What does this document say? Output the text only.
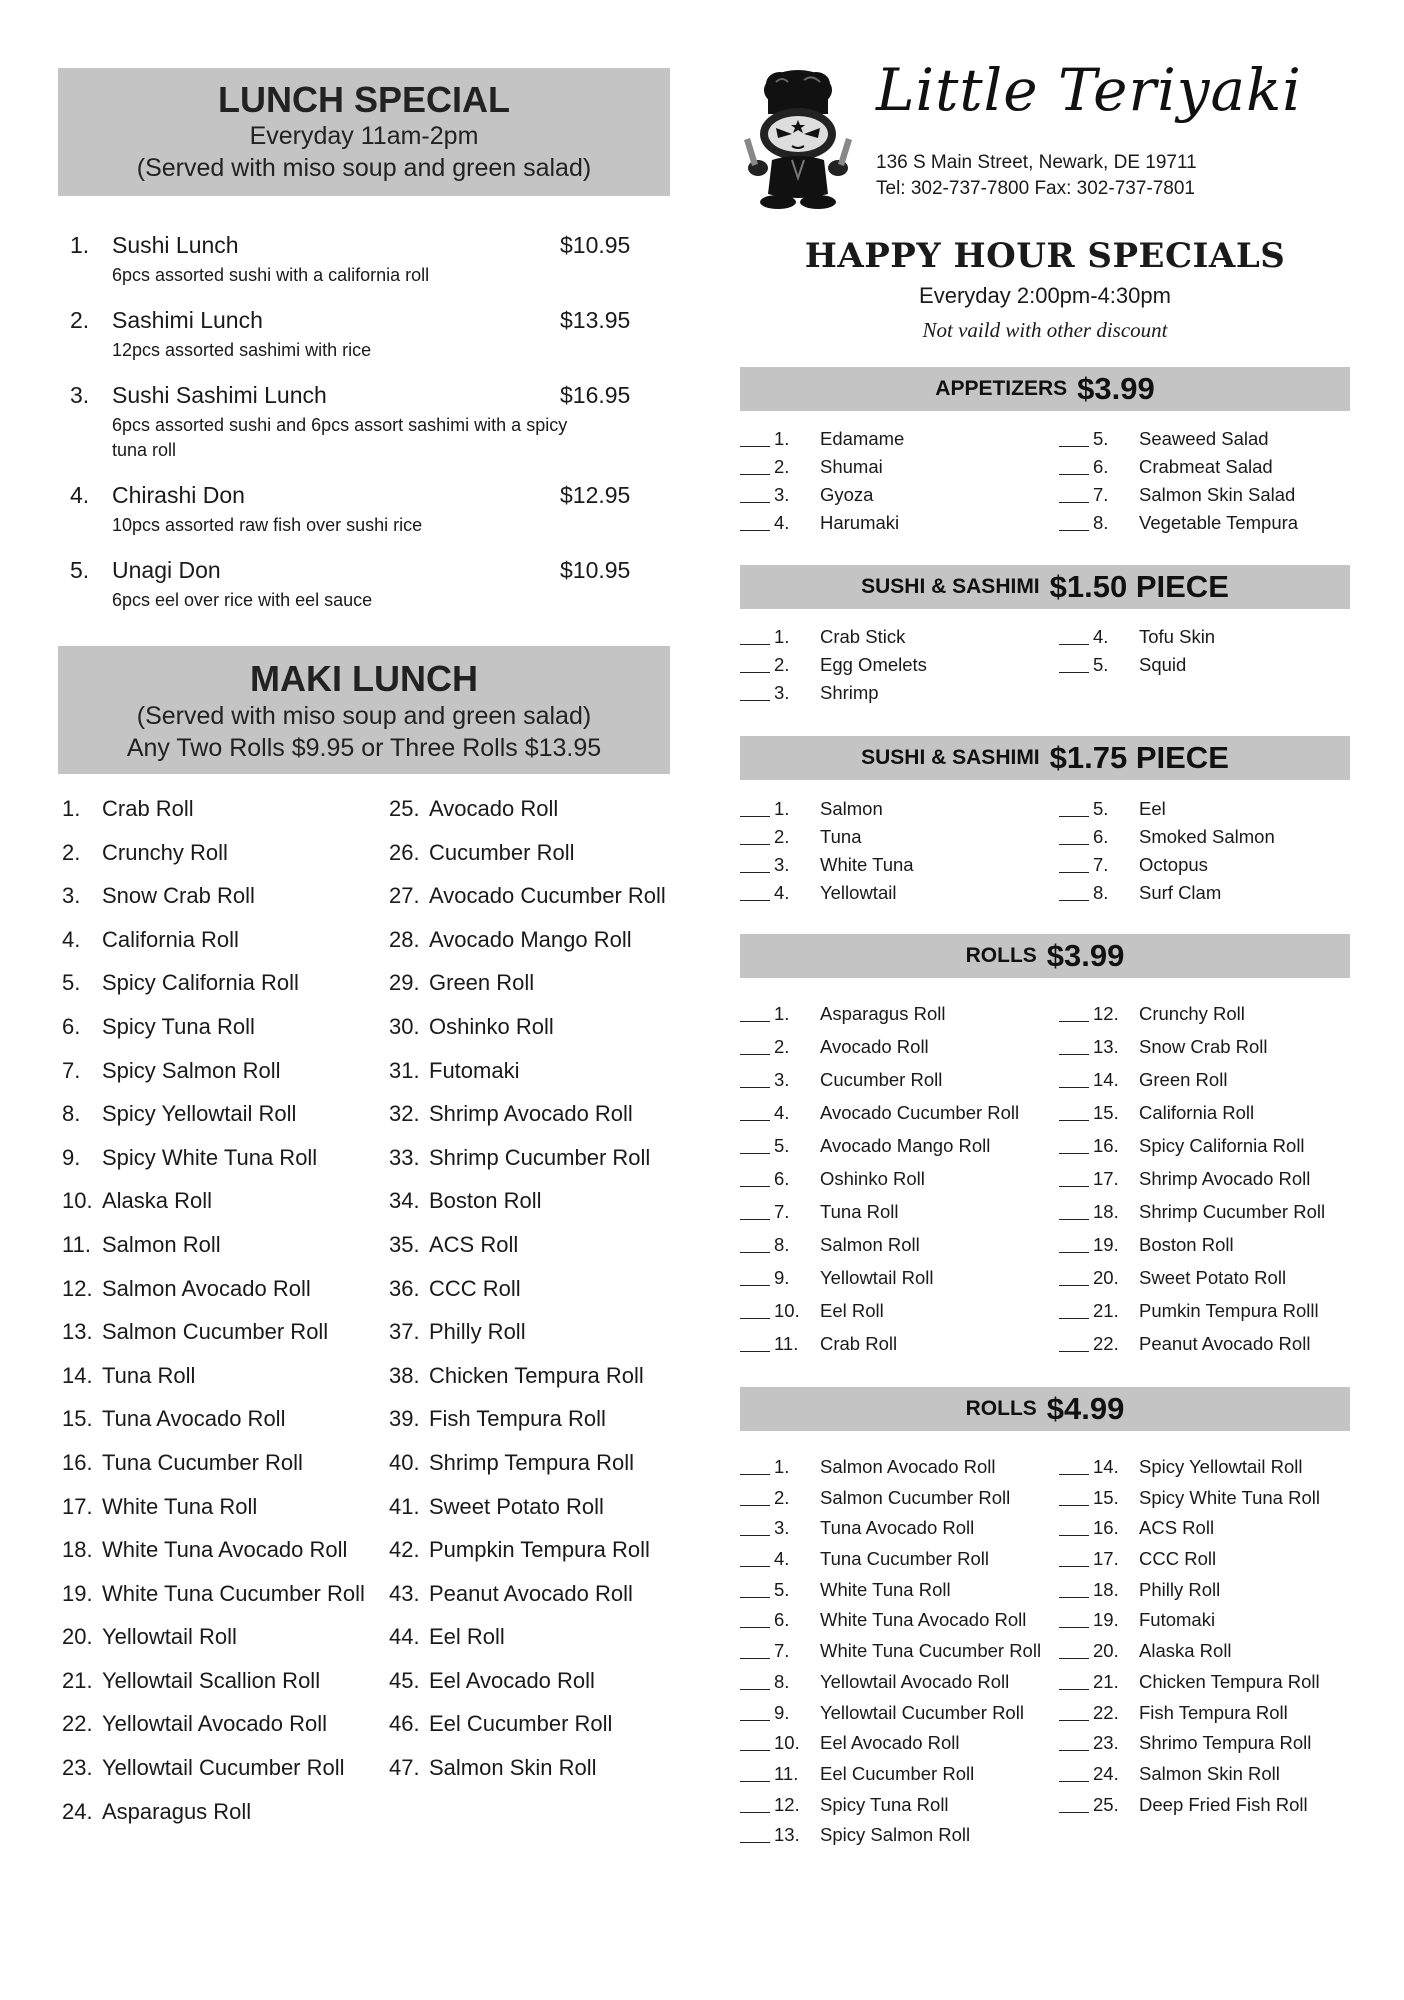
LUNCH SPECIAL
Everyday 11am-2pm
(Served with miso soup and green salad)
1. Sushi Lunch	$10.95
6pcs assorted sushi with a california roll
2. Sashimi Lunch	$13.95
12pcs assorted sashimi with rice
3. Sushi Sashimi Lunch	$16.95
6pcs assorted sushi and 6pcs assort sashimi with a spicy tuna roll
4. Chirashi Don	$12.95
10pcs assorted raw fish over sushi rice
5. Unagi Don	$10.95
6pcs eel over rice with eel sauce
MAKI LUNCH
(Served with miso soup and green salad)
Any Two Rolls $9.95 or Three Rolls $13.95
1. Crab Roll
2. Crunchy Roll
3. Snow Crab Roll
4. California Roll
5. Spicy California Roll
6. Spicy Tuna Roll
7. Spicy Salmon Roll
8. Spicy Yellowtail Roll
9. Spicy White Tuna Roll
10. Alaska Roll
11. Salmon Roll
12. Salmon Avocado Roll
13. Salmon Cucumber Roll
14. Tuna Roll
15. Tuna Avocado Roll
16. Tuna Cucumber Roll
17. White Tuna Roll
18. White Tuna Avocado Roll
19. White Tuna Cucumber Roll
20. Yellowtail Roll
21. Yellowtail Scallion Roll
22. Yellowtail Avocado Roll
23. Yellowtail Cucumber Roll
24. Asparagus Roll
25. Avocado Roll
26. Cucumber Roll
27. Avocado Cucumber Roll
28. Avocado Mango Roll
29. Green Roll
30. Oshinko Roll
31. Futomaki
32. Shrimp Avocado Roll
33. Shrimp Cucumber Roll
34. Boston Roll
35. ACS Roll
36. CCC Roll
37. Philly Roll
38. Chicken Tempura Roll
39. Fish Tempura Roll
40. Shrimp Tempura Roll
41. Sweet Potato Roll
42. Pumpkin Tempura Roll
43. Peanut Avocado Roll
44. Eel Roll
45. Eel Avocado Roll
46. Eel Cucumber Roll
47. Salmon Skin Roll
Little Teriyaki
136 S Main Street, Newark, DE 19711
Tel: 302-737-7800 Fax: 302-737-7801
HAPPY HOUR SPECIALS
Everyday 2:00pm-4:30pm
Not vaild with other discount
APPETIZERS $3.99
1. Edamame
2. Shumai
3. Gyoza
4. Harumaki
5. Seaweed Salad
6. Crabmeat Salad
7. Salmon Skin Salad
8. Vegetable Tempura
SUSHI & SASHIMI $1.50 PIECE
1. Crab Stick
2. Egg Omelets
3. Shrimp
4. Tofu Skin
5. Squid
SUSHI & SASHIMI $1.75 PIECE
1. Salmon
2. Tuna
3. White Tuna
4. Yellowtail
5. Eel
6. Smoked Salmon
7. Octopus
8. Surf Clam
ROLLS $3.99
1. Asparagus Roll
2. Avocado Roll
3. Cucumber Roll
4. Avocado Cucumber Roll
5. Avocado Mango Roll
6. Oshinko Roll
7. Tuna Roll
8. Salmon Roll
9. Yellowtail Roll
10. Eel Roll
11. Crab Roll
12. Crunchy Roll
13. Snow Crab Roll
14. Green Roll
15. California Roll
16. Spicy California Roll
17. Shrimp Avocado Roll
18. Shrimp Cucumber Roll
19. Boston Roll
20. Sweet Potato Roll
21. Pumkin Tempura Rolll
22. Peanut Avocado Roll
ROLLS $4.99
1. Salmon Avocado Roll
2. Salmon Cucumber Roll
3. Tuna Avocado Roll
4. Tuna Cucumber Roll
5. White Tuna Roll
6. White Tuna Avocado Roll
7. White Tuna Cucumber Roll
8. Yellowtail Avocado Roll
9. Yellowtail Cucumber Roll
10. Eel Avocado Roll
11. Eel Cucumber Roll
12. Spicy Tuna Roll
13. Spicy Salmon Roll
14. Spicy Yellowtail Roll
15. Spicy White Tuna Roll
16. ACS Roll
17. CCC Roll
18. Philly Roll
19. Futomaki
20. Alaska Roll
21. Chicken Tempura Roll
22. Fish Tempura Roll
23. Shrimo Tempura Roll
24. Salmon Skin Roll
25. Deep Fried Fish Roll
